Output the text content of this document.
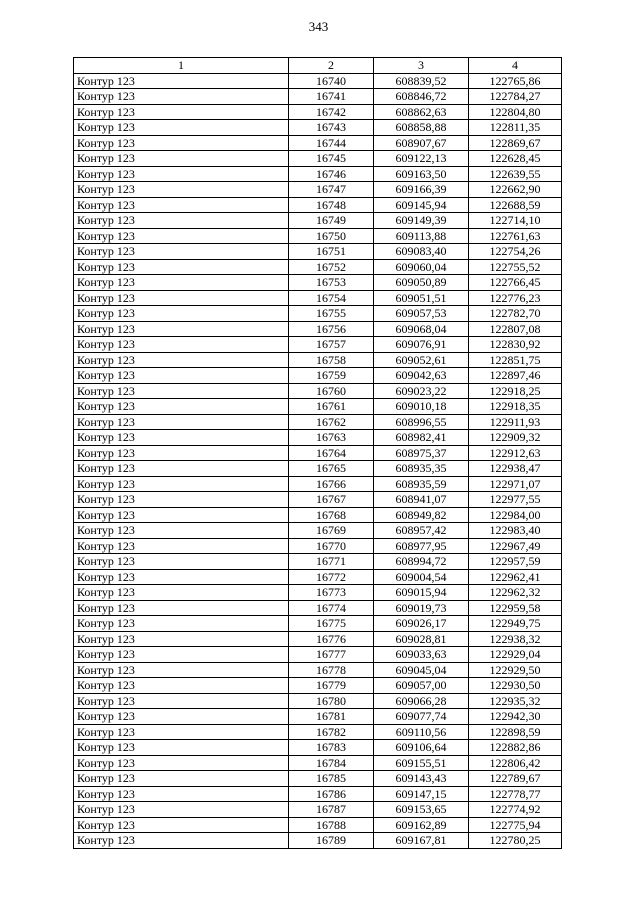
343
1	2	3	4
Контур 123	16740	608839,52	122765,86
Контур 123	16741	608846,72	122784,27
Контур 123	16742	608862,63	122804,80
Контур 123	16743	608858,88	122811,35
Контур 123	16744	608907,67	122869,67
Контур 123	16745	609122,13	122628,45
Контур 123	16746	609163,50	122639,55
Контур 123	16747	609166,39	122662,90
Контур 123	16748	609145,94	122688,59
Контур 123	16749	609149,39	122714,10
Контур 123	16750	609113,88	122761,63
Контур 123	16751	609083,40	122754,26
Контур 123	16752	609060,04	122755,52
Контур 123	16753	609050,89	122766,45
Контур 123	16754	609051,51	122776,23
Контур 123	16755	609057,53	122782,70
Контур 123	16756	609068,04	122807,08
Контур 123	16757	609076,91	122830,92
Контур 123	16758	609052,61	122851,75
Контур 123	16759	609042,63	122897,46
Контур 123	16760	609023,22	122918,25
Контур 123	16761	609010,18	122918,35
Контур 123	16762	608996,55	122911,93
Контур 123	16763	608982,41	122909,32
Контур 123	16764	608975,37	122912,63
Контур 123	16765	608935,35	122938,47
Контур 123	16766	608935,59	122971,07
Контур 123	16767	608941,07	122977,55
Контур 123	16768	608949,82	122984,00
Контур 123	16769	608957,42	122983,40
Контур 123	16770	608977,95	122967,49
Контур 123	16771	608994,72	122957,59
Контур 123	16772	609004,54	122962,41
Контур 123	16773	609015,94	122962,32
Контур 123	16774	609019,73	122959,58
Контур 123	16775	609026,17	122949,75
Контур 123	16776	609028,81	122938,32
Контур 123	16777	609033,63	122929,04
Контур 123	16778	609045,04	122929,50
Контур 123	16779	609057,00	122930,50
Контур 123	16780	609066,28	122935,32
Контур 123	16781	609077,74	122942,30
Контур 123	16782	609110,56	122898,59
Контур 123	16783	609106,64	122882,86
Контур 123	16784	609155,51	122806,42
Контур 123	16785	609143,43	122789,67
Контур 123	16786	609147,15	122778,77
Контур 123	16787	609153,65	122774,92
Контур 123	16788	609162,89	122775,94
Контур 123	16789	609167,81	122780,25
